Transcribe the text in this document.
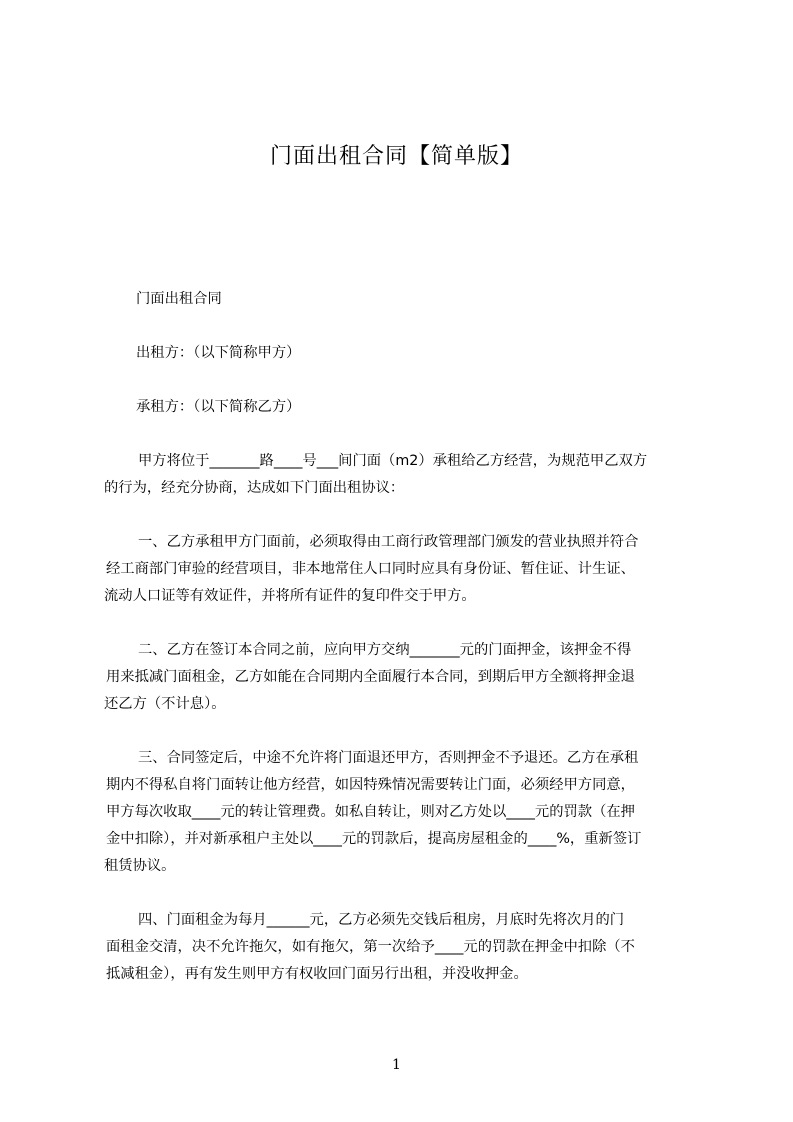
门面出租合同【简单版】
门面出租合同
出租方：（以下简称甲方）
承租方：（以下简称乙方）
甲方将位于_______路____号___间门面（m2）承租给乙方经营，为规范甲乙双方
的行为，经充分协商，达成如下门面出租协议：
一、乙方承租甲方门面前，必须取得由工商行政管理部门颁发的营业执照并符合
经工商部门审验的经营项目，非本地常住人口同时应具有身份证、暂住证、计生证、
流动人口证等有效证件，并将所有证件的复印件交于甲方。
二、乙方在签订本合同之前，应向甲方交纳_______元的门面押金，该押金不得
用来抵减门面租金，乙方如能在合同期内全面履行本合同，到期后甲方全额将押金退
还乙方（不计息）。
三、合同签定后，中途不允许将门面退还甲方，否则押金不予退还。乙方在承租
期内不得私自将门面转让他方经营，如因特殊情况需要转让门面，必须经甲方同意，
甲方每次收取____元的转让管理费。如私自转让，则对乙方处以____元的罚款（在押
金中扣除），并对新承租户主处以____元的罚款后，提高房屋租金的____%，重新签订
租赁协议。
四、门面租金为每月______元，乙方必须先交钱后租房，月底时先将次月的门
面租金交清，决不允许拖欠，如有拖欠，第一次给予____元的罚款在押金中扣除（不
抵减租金），再有发生则甲方有权收回门面另行出租，并没收押金。
1
